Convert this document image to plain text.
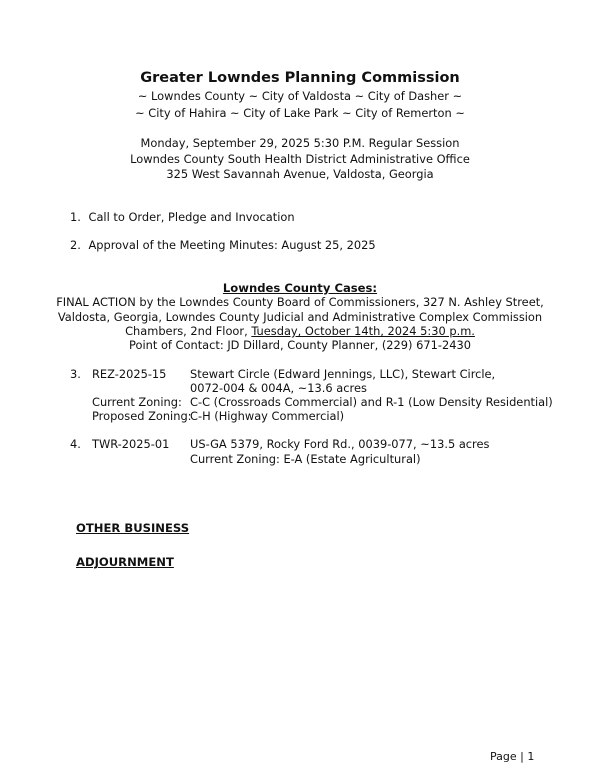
Greater Lowndes Planning Commission
~ Lowndes County ~ City of Valdosta ~ City of Dasher ~
~ City of Hahira ~ City of Lake Park ~ City of Remerton ~
Monday, September 29, 2025 5:30 P.M. Regular Session
Lowndes County South Health District Administrative Office
325 West Savannah Avenue, Valdosta, Georgia
1. Call to Order, Pledge and Invocation
2. Approval of the Meeting Minutes: August 25, 2025
Lowndes County Cases:
FINAL ACTION by the Lowndes County Board of Commissioners, 327 N. Ashley Street,
Valdosta, Georgia, Lowndes County Judicial and Administrative Complex Commission
Chambers, 2nd Floor, Tuesday, October 14th, 2024 5:30 p.m.
Point of Contact: JD Dillard, County Planner, (229) 671-2430
3. REZ-2025-15 Stewart Circle (Edward Jennings, LLC), Stewart Circle,
0072-004 & 004A, ~13.6 acres
Current Zoning: C-C (Crossroads Commercial) and R-1 (Low Density Residential)
Proposed Zoning:
C-H (Highway Commercial)
4. TWR-2025-01 US-GA 5379, Rocky Ford Rd., 0039-077, ~13.5 acres
Current Zoning: E-A (Estate Agricultural)
OTHER BUSINESS
ADJOURNMENT
Page | 1
